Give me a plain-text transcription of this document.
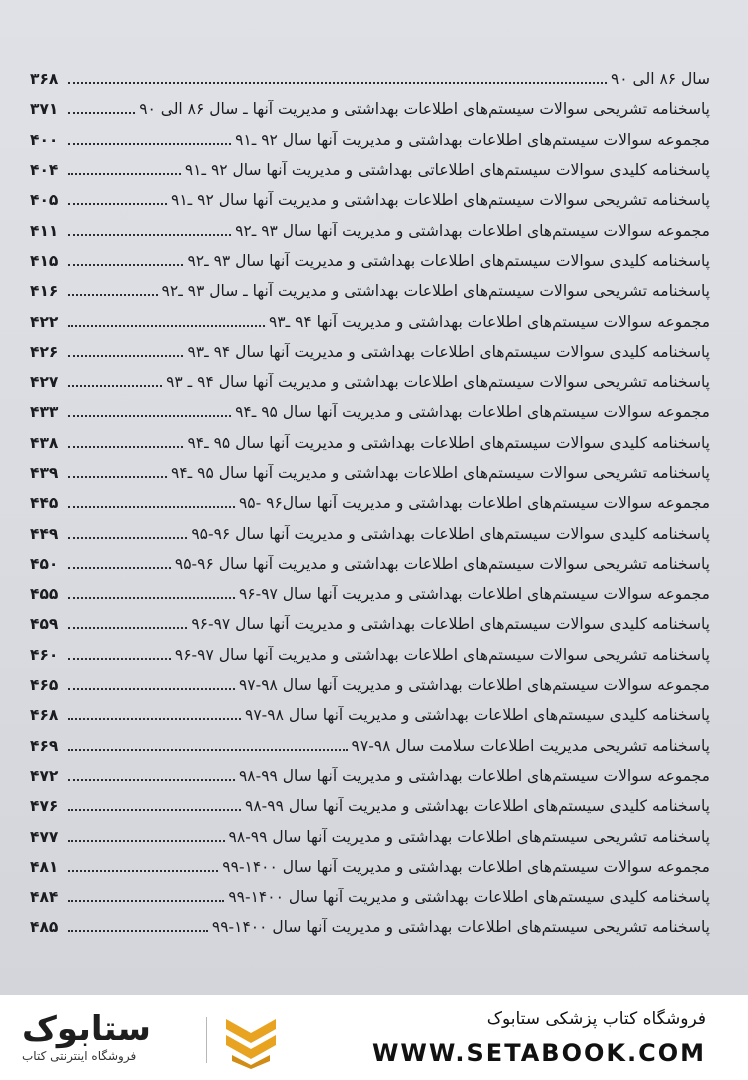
سال ۸۶ الی ۹۰
۳۶۸
پاسخنامه تشریحی سوالات سیستم‌های اطلاعات بهداشتی و مدیریت آنها ـ سال ۸۶ الی ۹۰
۳۷۱
مجموعه سوالات سیستم‌های اطلاعات بهداشتی و مدیریت آنها سال ۹۲ ـ۹۱
۴۰۰
پاسخنامه کلیدی سوالات سیستم‌های اطلاعاتی بهداشتی و مدیریت آنها سال ۹۲ ـ۹۱
۴۰۴
پاسخنامه تشریحی سوالات سیستم‌های اطلاعات بهداشتی و مدیریت آنها سال ۹۲ ـ۹۱
۴۰۵
مجموعه سوالات سیستم‌های اطلاعات بهداشتی و مدیریت آنها سال ۹۳ ـ۹۲
۴۱۱
پاسخنامه کلیدی سوالات سیستم‌های اطلاعات بهداشتی و مدیریت آنها سال ۹۳ ـ۹۲
۴۱۵
پاسخنامه تشریحی سوالات سیستم‌های اطلاعات بهداشتی و مدیریت آنها ـ سال ۹۳ ـ۹۲
۴۱۶
مجموعه سوالات سیستم‌های اطلاعات بهداشتی و مدیریت آنها ۹۴ ـ۹۳
۴۲۲
پاسخنامه کلیدی سوالات سیستم‌های اطلاعات بهداشتی و مدیریت آنها سال ۹۴ ـ۹۳
۴۲۶
پاسخنامه تشریحی سوالات سیستم‌های اطلاعات بهداشتی و مدیریت آنها سال ۹۴ ـ ۹۳
۴۲۷
مجموعه سوالات سیستم‌های اطلاعات بهداشتی و مدیریت آنها سال ۹۵ ـ۹۴
۴۳۳
پاسخنامه کلیدی سوالات سیستم‌های اطلاعات بهداشتی و مدیریت آنها سال ۹۵ ـ۹۴
۴۳۸
پاسخنامه تشریحی سوالات سیستم‌های اطلاعات بهداشتی و مدیریت آنها سال ۹۵ ـ۹۴
۴۳۹
مجموعه سوالات سیستم‌های اطلاعات بهداشتی و مدیریت آنها سال۹۶ -۹۵
۴۴۵
پاسخنامه کلیدی سوالات سیستم‌های اطلاعات بهداشتی و مدیریت آنها سال ۹۶-۹۵
۴۴۹
پاسخنامه تشریحی سوالات سیستم‌های اطلاعات بهداشتی و مدیریت آنها سال ۹۶-۹۵
۴۵۰
مجموعه سوالات سیستم‌های اطلاعات بهداشتی و مدیریت آنها سال ۹۷-۹۶
۴۵۵
پاسخنامه کلیدی سوالات سیستم‌های اطلاعات بهداشتی و مدیریت آنها سال ۹۷-۹۶
۴۵۹
پاسخنامه تشریحی سوالات سیستم‌های اطلاعات بهداشتی و مدیریت آنها سال ۹۷-۹۶
۴۶۰
مجموعه سوالات سیستم‌های اطلاعات بهداشتی و مدیریت آنها سال ۹۸-۹۷
۴۶۵
پاسخنامه کلیدی سیستم‌های اطلاعات بهداشتی و مدیریت آنها سال ۹۸-۹۷
۴۶۸
پاسخنامه تشریحی مدیریت اطلاعات سلامت سال ۹۸-۹۷
۴۶۹
مجموعه سوالات سیستم‌های اطلاعات بهداشتی و مدیریت آنها سال ۹۹-۹۸
۴۷۲
پاسخنامه کلیدی سیستم‌های اطلاعات بهداشتی و مدیریت آنها سال ۹۹-۹۸
۴۷۶
پاسخنامه تشریحی سیستم‌های اطلاعات بهداشتی و مدیریت آنها سال ۹۹-۹۸
۴۷۷
مجموعه سوالات سیستم‌های اطلاعات بهداشتی و مدیریت آنها سال ۱۴۰۰-۹۹
۴۸۱
پاسخنامه کلیدی سیستم‌های اطلاعات بهداشتی و مدیریت آنها سال ۱۴۰۰-۹۹
۴۸۴
پاسخنامه تشریحی سیستم‌های اطلاعات بهداشتی و مدیریت آنها سال ۱۴۰۰-۹۹
۴۸۵
ستابوک
فروشگاه اینترنتی کتاب
فروشگاه کتاب پزشکی ستابوک
WWW.SETABOOK.COM
